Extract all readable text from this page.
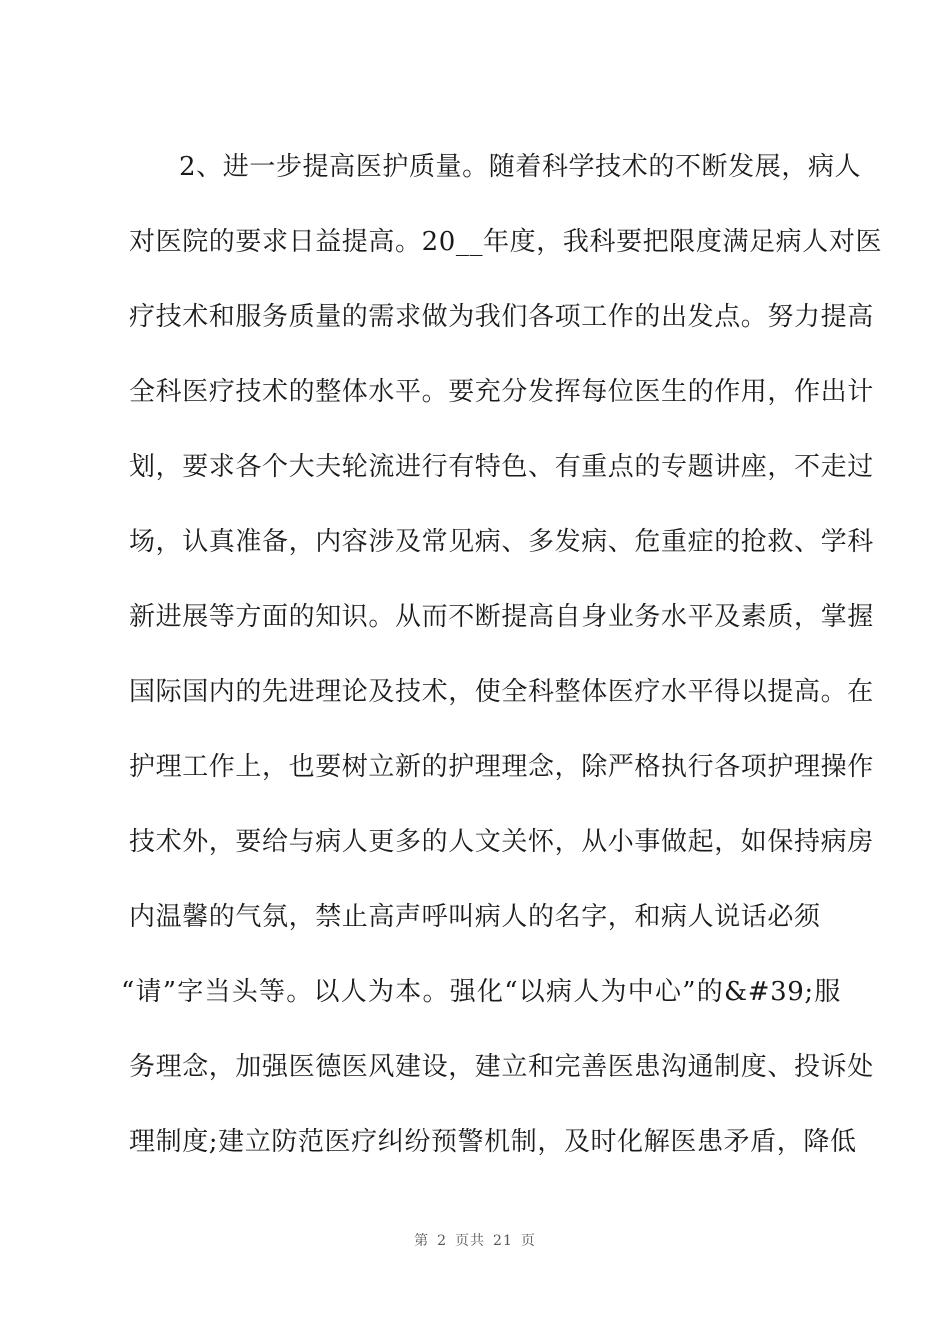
2、进一步提高医护质量。随着科学技术的不断发展，病人
对医院的要求日益提高。20__年度，我科要把限度满足病人对医
疗技术和服务质量的需求做为我们各项工作的出发点。努力提高
全科医疗技术的整体水平。要充分发挥每位医生的作用，作出计
划，要求各个大夫轮流进行有特色、有重点的专题讲座，不走过
场，认真准备，内容涉及常见病、多发病、危重症的抢救、学科
新进展等方面的知识。从而不断提高自身业务水平及素质，掌握
国际国内的先进理论及技术，使全科整体医疗水平得以提高。在
护理工作上，也要树立新的护理理念，除严格执行各项护理操作
技术外，要给与病人更多的人文关怀，从小事做起，如保持病房
内温馨的气氛，禁止高声呼叫病人的名字，和病人说话必须
“请”字当头等。以人为本。强化“以病人为中心”的&#39;服
务理念，加强医德医风建设，建立和完善医患沟通制度、投诉处
理制度;建立防范医疗纠纷预警机制，及时化解医患矛盾，降低
第 2 页共 21 页
